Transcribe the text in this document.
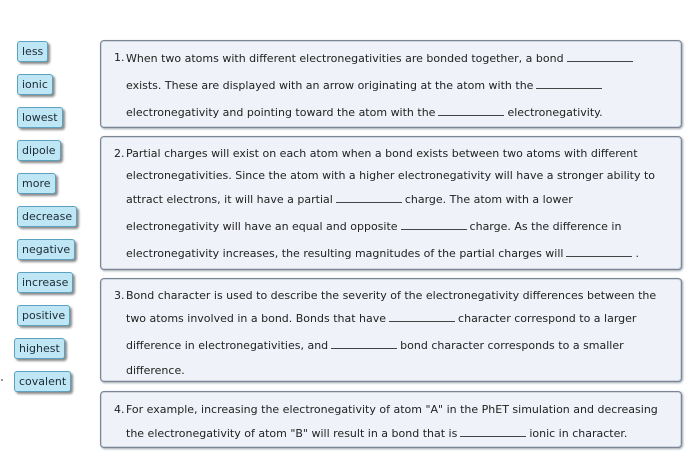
less
ionic
lowest
dipole
more
decrease
negative
increase
positive
highest
covalent
1. When two atoms with different electronegativities are bonded together, a bond
exists. These are displayed with an arrow originating at the atom with the
electronegativity and pointing toward the atom with the	electronegativity.
2. Partial charges will exist on each atom when a bond exists between two atoms with different
electronegativities. Since the atom with a higher electronegativity will have a stronger ability to
attract electrons, it will have a partial	charge. The atom with a lower
electronegativity will have an equal and opposite	charge. As the difference in
electronegativity increases, the resulting magnitudes of the partial charges will	.
3. Bond character is used to describe the severity of the electronegativity differences between the
two atoms involved in a bond. Bonds that have	character correspond to a larger
difference in electronegativities, and	bond character corresponds to a smaller
difference.
4. For example, increasing the electronegativity of atom "A" in the PhET simulation and decreasing
the electronegativity of atom "B" will result in a bond that is	ionic in character.
